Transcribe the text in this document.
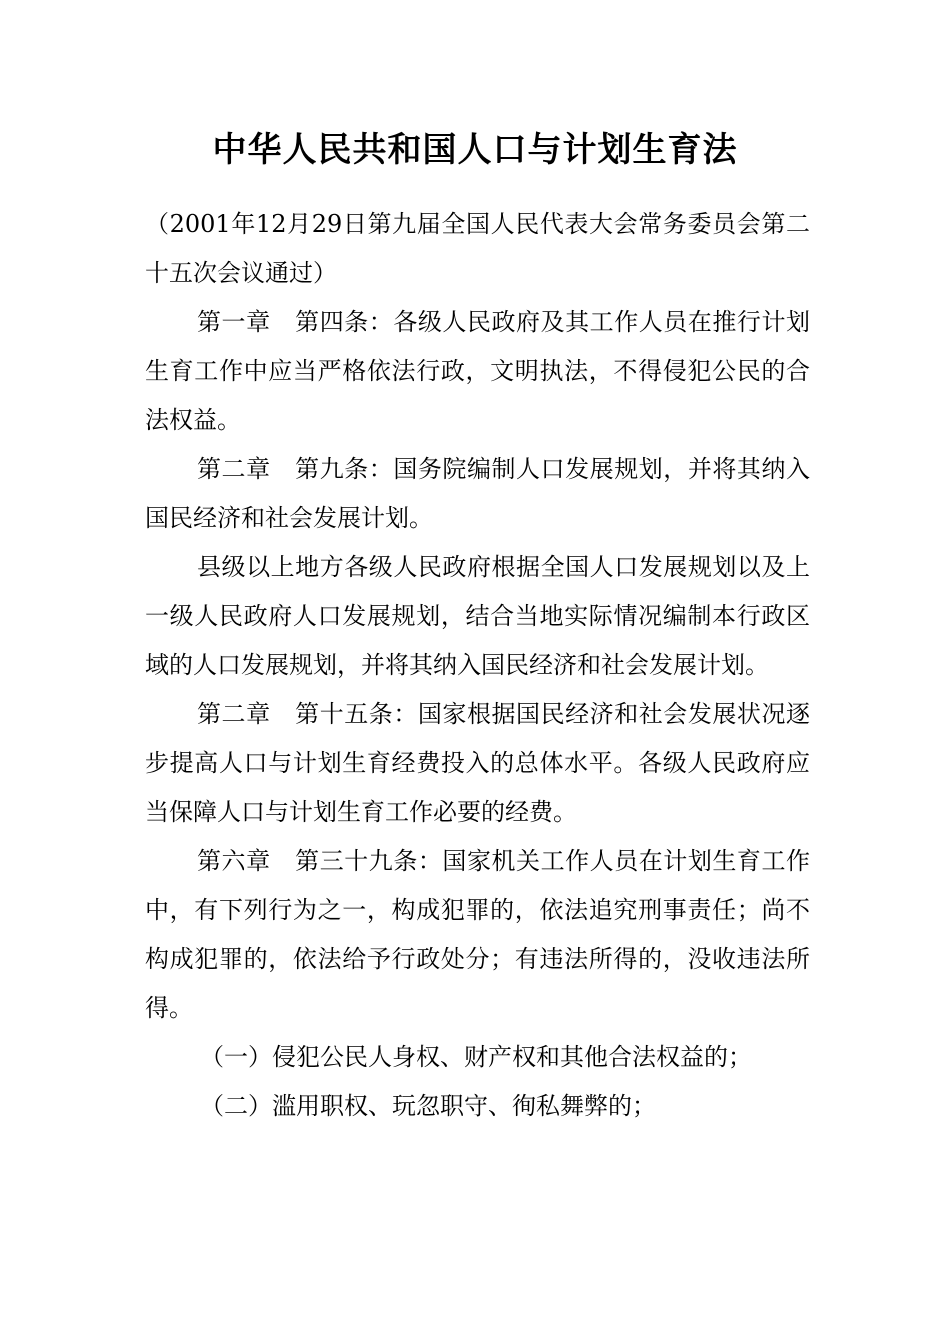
中华人民共和国人口与计划生育法

（2001年12月29日第九届全国人民代表大会常务委员会第二十五次会议通过）

第一章　第四条：各级人民政府及其工作人员在推行计划生育工作中应当严格依法行政，文明执法，不得侵犯公民的合法权益。

第二章　第九条：国务院编制人口发展规划，并将其纳入国民经济和社会发展计划。

县级以上地方各级人民政府根据全国人口发展规划以及上一级人民政府人口发展规划，结合当地实际情况编制本行政区域的人口发展规划，并将其纳入国民经济和社会发展计划。

第二章　第十五条：国家根据国民经济和社会发展状况逐步提高人口与计划生育经费投入的总体水平。各级人民政府应当保障人口与计划生育工作必要的经费。

第六章　第三十九条：国家机关工作人员在计划生育工作中，有下列行为之一，构成犯罪的，依法追究刑事责任；尚不构成犯罪的，依法给予行政处分；有违法所得的，没收违法所得。

（一）侵犯公民人身权、财产权和其他合法权益的；

（二）滥用职权、玩忽职守、徇私舞弊的；
